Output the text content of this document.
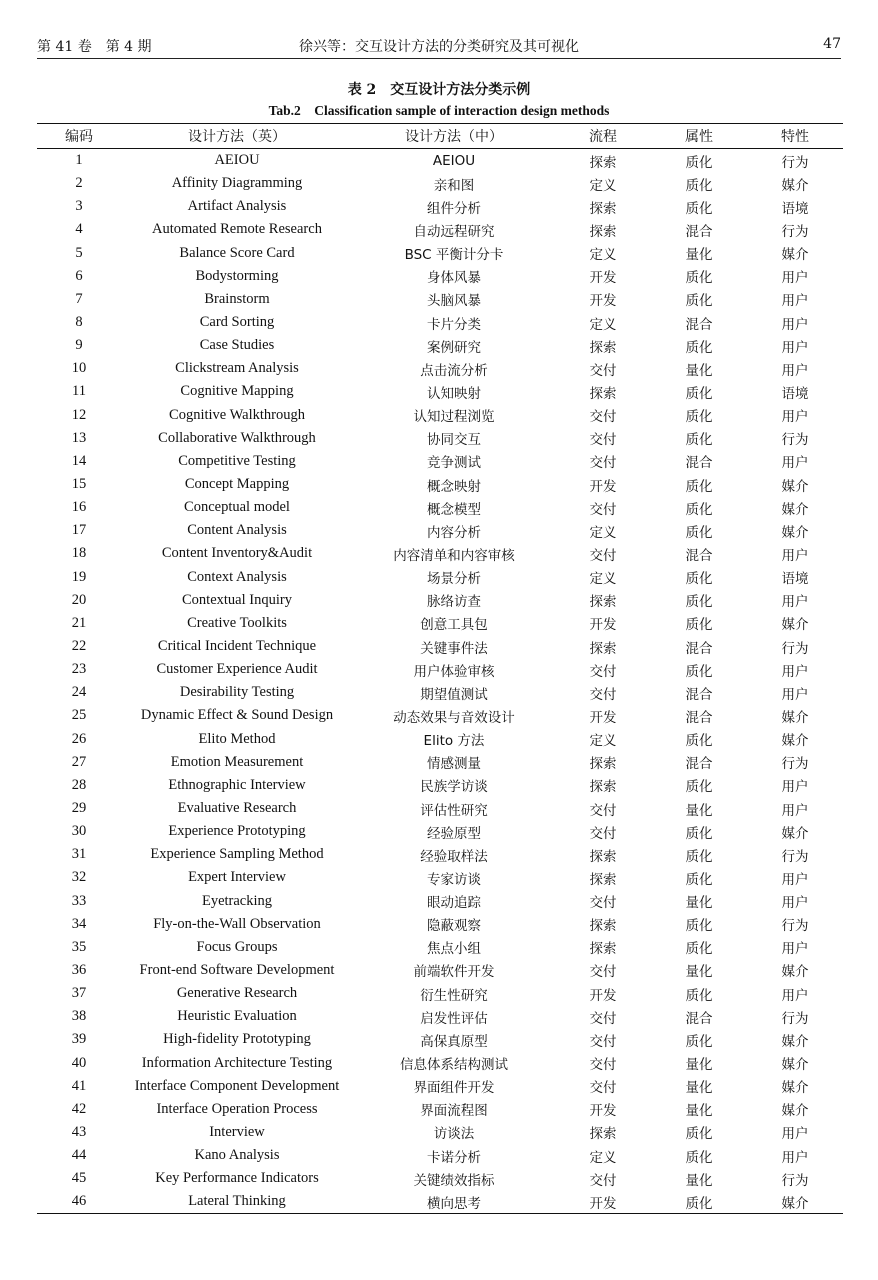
第 41 卷　第 4 期	徐兴等：交互设计方法的分类研究及其可视化	47
表 2　交互设计方法分类示例
Tab.2　Classification sample of interaction design methods
编码	设计方法（英）	设计方法（中）	流程	属性	特性
1	AEIOU	AEIOU	探索	质化	行为
2	Affinity Diagramming	亲和图	定义	质化	媒介
3	Artifact Analysis	组件分析	探索	质化	语境
4	Automated Remote Research	自动远程研究	探索	混合	行为
5	Balance Score Card	BSC 平衡计分卡	定义	量化	媒介
6	Bodystorming	身体风暴	开发	质化	用户
7	Brainstorm	头脑风暴	开发	质化	用户
8	Card Sorting	卡片分类	定义	混合	用户
9	Case Studies	案例研究	探索	质化	用户
10	Clickstream Analysis	点击流分析	交付	量化	用户
11	Cognitive Mapping	认知映射	探索	质化	语境
12	Cognitive Walkthrough	认知过程浏览	交付	质化	用户
13	Collaborative Walkthrough	协同交互	交付	质化	行为
14	Competitive Testing	竞争测试	交付	混合	用户
15	Concept Mapping	概念映射	开发	质化	媒介
16	Conceptual model	概念模型	交付	质化	媒介
17	Content Analysis	内容分析	定义	质化	媒介
18	Content Inventory&Audit	内容清单和内容审核	交付	混合	用户
19	Context Analysis	场景分析	定义	质化	语境
20	Contextual Inquiry	脉络访查	探索	质化	用户
21	Creative Toolkits	创意工具包	开发	质化	媒介
22	Critical Incident Technique	关键事件法	探索	混合	行为
23	Customer Experience Audit	用户体验审核	交付	质化	用户
24	Desirability Testing	期望值测试	交付	混合	用户
25	Dynamic Effect & Sound Design	动态效果与音效设计	开发	混合	媒介
26	Elito Method	Elito 方法	定义	质化	媒介
27	Emotion Measurement	情感测量	探索	混合	行为
28	Ethnographic Interview	民族学访谈	探索	质化	用户
29	Evaluative Research	评估性研究	交付	量化	用户
30	Experience Prototyping	经验原型	交付	质化	媒介
31	Experience Sampling Method	经验取样法	探索	质化	行为
32	Expert Interview	专家访谈	探索	质化	用户
33	Eyetracking	眼动追踪	交付	量化	用户
34	Fly-on-the-Wall Observation	隐蔽观察	探索	质化	行为
35	Focus Groups	焦点小组	探索	质化	用户
36	Front-end Software Development	前端软件开发	交付	量化	媒介
37	Generative Research	衍生性研究	开发	质化	用户
38	Heuristic Evaluation	启发性评估	交付	混合	行为
39	High-fidelity Prototyping	高保真原型	交付	质化	媒介
40	Information Architecture Testing	信息体系结构测试	交付	量化	媒介
41	Interface Component Development	界面组件开发	交付	量化	媒介
42	Interface Operation Process	界面流程图	开发	量化	媒介
43	Interview	访谈法	探索	质化	用户
44	Kano Analysis	卡诺分析	定义	质化	用户
45	Key Performance Indicators	关键绩效指标	交付	量化	行为
46	Lateral Thinking	横向思考	开发	质化	媒介
